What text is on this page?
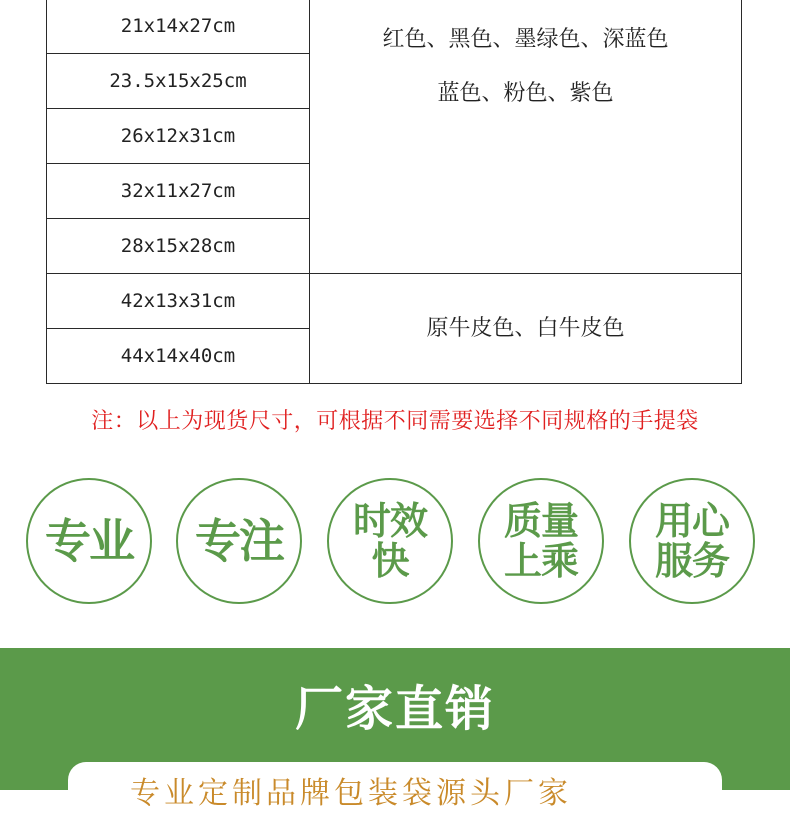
21x14x27cm	红色、黑色、墨绿色、深蓝色
蓝色、粉色、紫色

23.5x15x25cm	
26x12x31cm	
32x11x27cm	
28x15x28cm	
42x13x31cm	原牛皮色、白牛皮色
44x14x40cm	
注：以上为现货尺寸，可根据不同需要选择不同规格的手提袋
专业 专注 时效
快
质量
上乘
用心
服务
厂家直销
